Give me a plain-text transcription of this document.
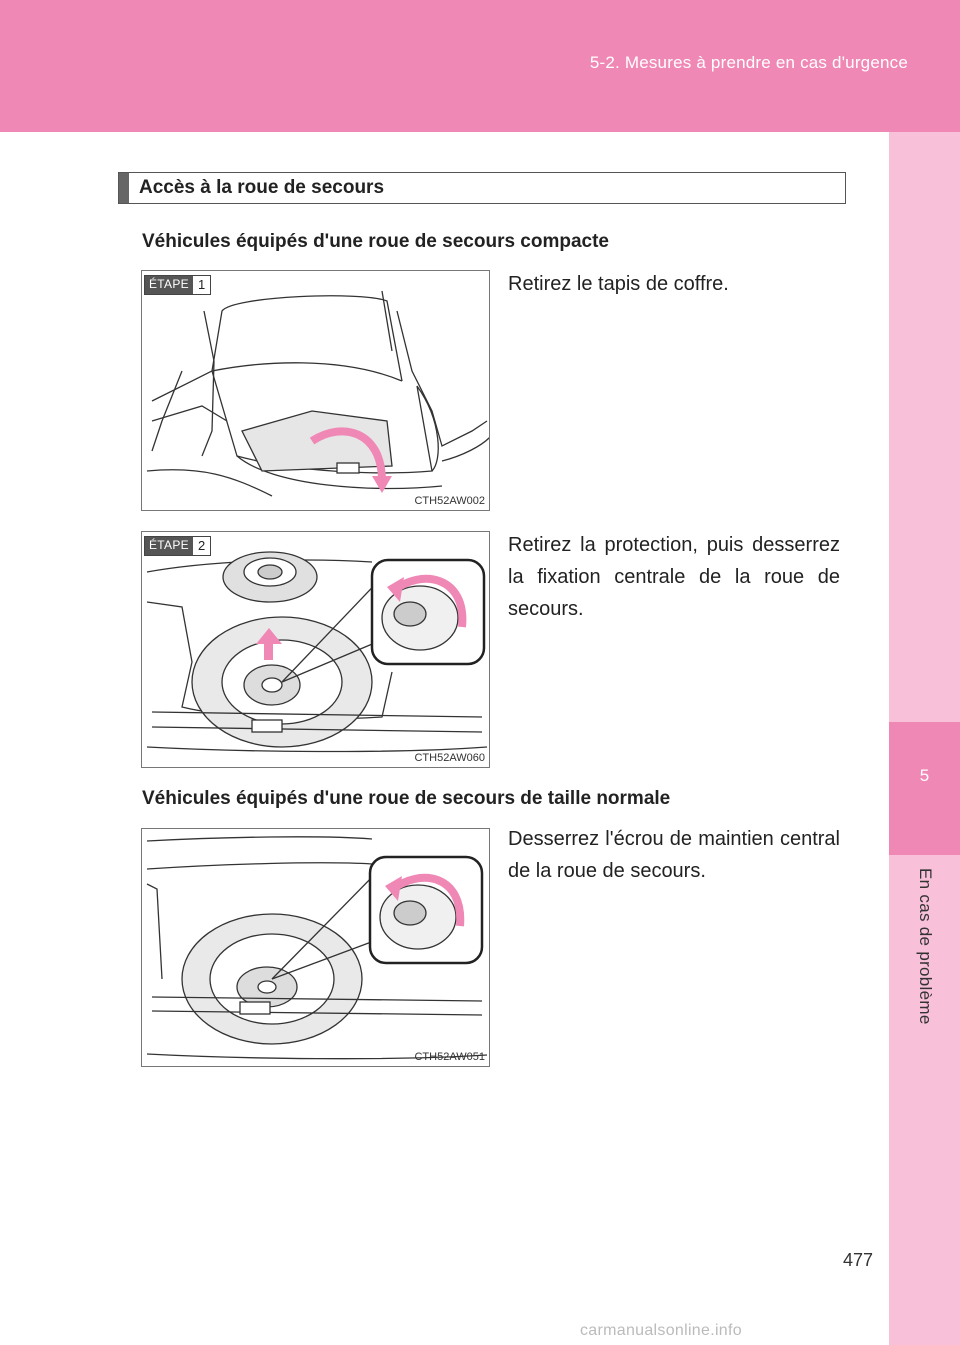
5-2. Mesures à prendre en cas d'urgence
5
En cas de problème
Accès à la roue de secours
Véhicules équipés d'une roue de secours compacte
ÉTAPE 1
CTH52AW002
Retirez le tapis de coffre.
ÉTAPE 2
CTH52AW060
Retirez la protection, puis desserrez la fixation centrale de la roue de secours.
Véhicules équipés d'une roue de secours de taille normale
CTH52AW051
Desserrez l'écrou de maintien central de la roue de secours.
477
carmanualsonline.info
